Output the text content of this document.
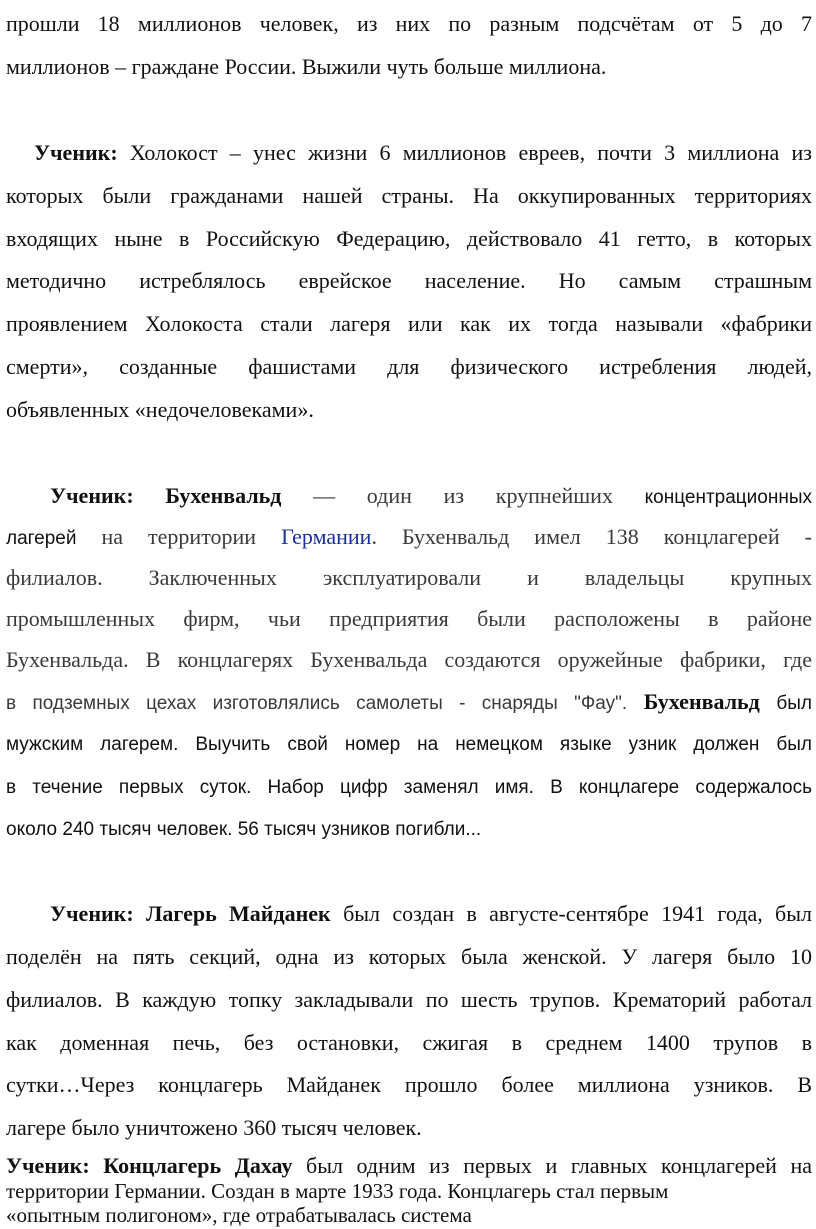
прошли 18 миллионов человек, из них по разным подсчётам от 5 до 7
миллионов – граждане России. Выжили чуть больше миллиона.
Ученик: Холокост – унес жизни 6 миллионов евреев, почти 3 миллиона из
которых были гражданами нашей страны. На оккупированных территориях
входящих ныне в Российскую Федерацию, действовало 41 гетто, в которых
методично истреблялось еврейское население. Но самым страшным
проявлением Холокоста стали лагеря или как их тогда называли «фабрики
смерти», созданные фашистами для физического истребления людей,
объявленных «недочеловеками».
Ученик: Бухенвальд — один из крупнейших концентрационных
лагерей на территории Германии. Бухенвальд имел 138 концлагерей -
филиалов. Заключенных эксплуатировали и владельцы крупных
промышленных фирм, чьи предприятия были расположены в районе
Бухенвальда. В концлагерях Бухенвальда создаются оружейные фабрики, где
в подземных цехах изготовлялись самолеты - снаряды "Фау". Бухенвальд был
мужским лагерем. Выучить свой номер на немецком языке узник должен был
в течение первых суток. Набор цифр заменял имя. В концлагере содержалось
около 240 тысяч человек. 56 тысяч узников погибли...
Ученик: Лагерь Майданек был создан в августе-сентябре 1941 года, был
поделён на пять секций, одна из которых была женской. У лагеря было 10
филиалов. В каждую топку закладывали по шесть трупов. Крематорий работал
как доменная печь, без остановки, сжигая в среднем 1400 трупов в
сутки…Через концлагерь Майданек прошло более миллиона узников. В
лагере было уничтожено 360 тысяч человек.
Ученик: Концлагерь Дахау был одним из первых и главных концлагерей на
территории Германии. Создан в марте 1933 года. Концлагерь стал первым
«опытным полигоном», где отрабатывалась система
